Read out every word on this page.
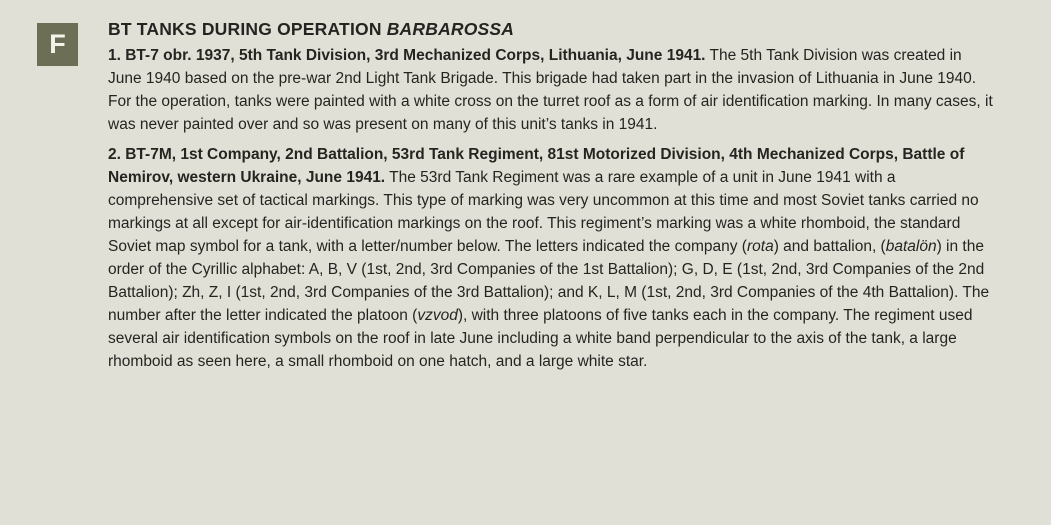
F BT TANKS DURING OPERATION BARBAROSSA

1. BT-7 obr. 1937, 5th Tank Division, 3rd Mechanized Corps, Lithuania, June 1941. The 5th Tank Division was created in June 1940 based on the pre-war 2nd Light Tank Brigade. This brigade had taken part in the invasion of Lithuania in June 1940. For the operation, tanks were painted with a white cross on the turret roof as a form of air identification marking. In many cases, it was never painted over and so was present on many of this unit’s tanks in 1941.

2. BT-7M, 1st Company, 2nd Battalion, 53rd Tank Regiment, 81st Motorized Division, 4th Mechanized Corps, Battle of Nemirov, western Ukraine, June 1941. The 53rd Tank Regiment was a rare example of a unit in June 1941 with a comprehensive set of tactical markings. This type of marking was very uncommon at this time and most Soviet tanks carried no markings at all except for air-identification markings on the roof. This regiment’s marking was a white rhomboid, the standard Soviet map symbol for a tank, with a letter/number below. The letters indicated the company (rota) and battalion, (batalön) in the order of the Cyrillic alphabet: A, B, V (1st, 2nd, 3rd Companies of the 1st Battalion); G, D, E (1st, 2nd, 3rd Companies of the 2nd Battalion); Zh, Z, I (1st, 2nd, 3rd Companies of the 3rd Battalion); and K, L, M (1st, 2nd, 3rd Companies of the 4th Battalion). The number after the letter indicated the platoon (vzvod), with three platoons of five tanks each in the company. The regiment used several air identification symbols on the roof in late June including a white band perpendicular to the axis of the tank, a large rhomboid as seen here, a small rhomboid on one hatch, and a large white star.
